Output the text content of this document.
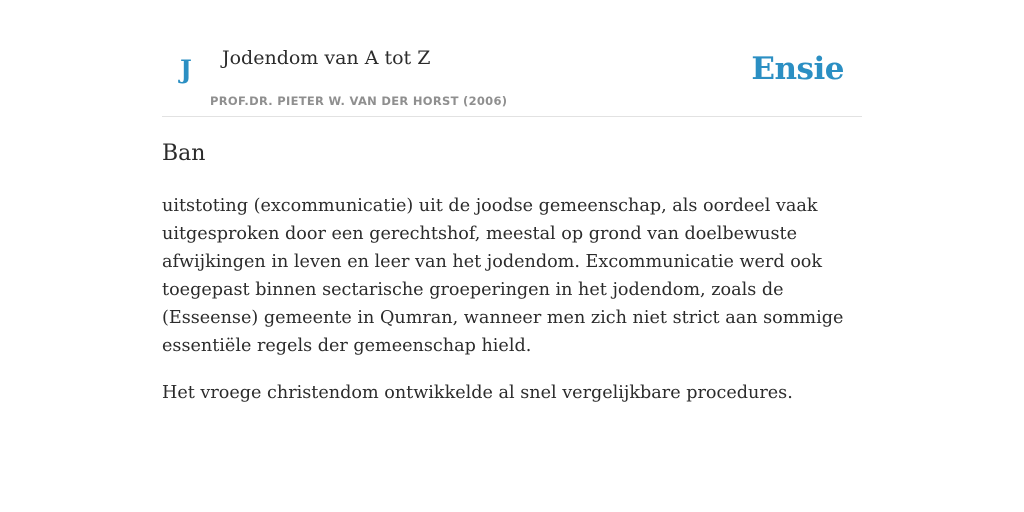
J Jodendom van A tot Z
PROF.DR. PIETER W. VAN DER HORST (2006)
Ensie
Ban

uitstoting (excommunicatie) uit de joodse gemeenschap, als oordeel vaak uitgesproken door een gerechtshof, meestal op grond van doelbewuste afwijkingen in leven en leer van het jodendom. Excommunicatie werd ook toegepast binnen sectarische groeperingen in het jodendom, zoals de (Esseense) gemeente in Qumran, wanneer men zich niet strict aan sommige essentiële regels der gemeenschap hield.

Het vroege christendom ontwikkelde al snel vergelijkbare procedures.
